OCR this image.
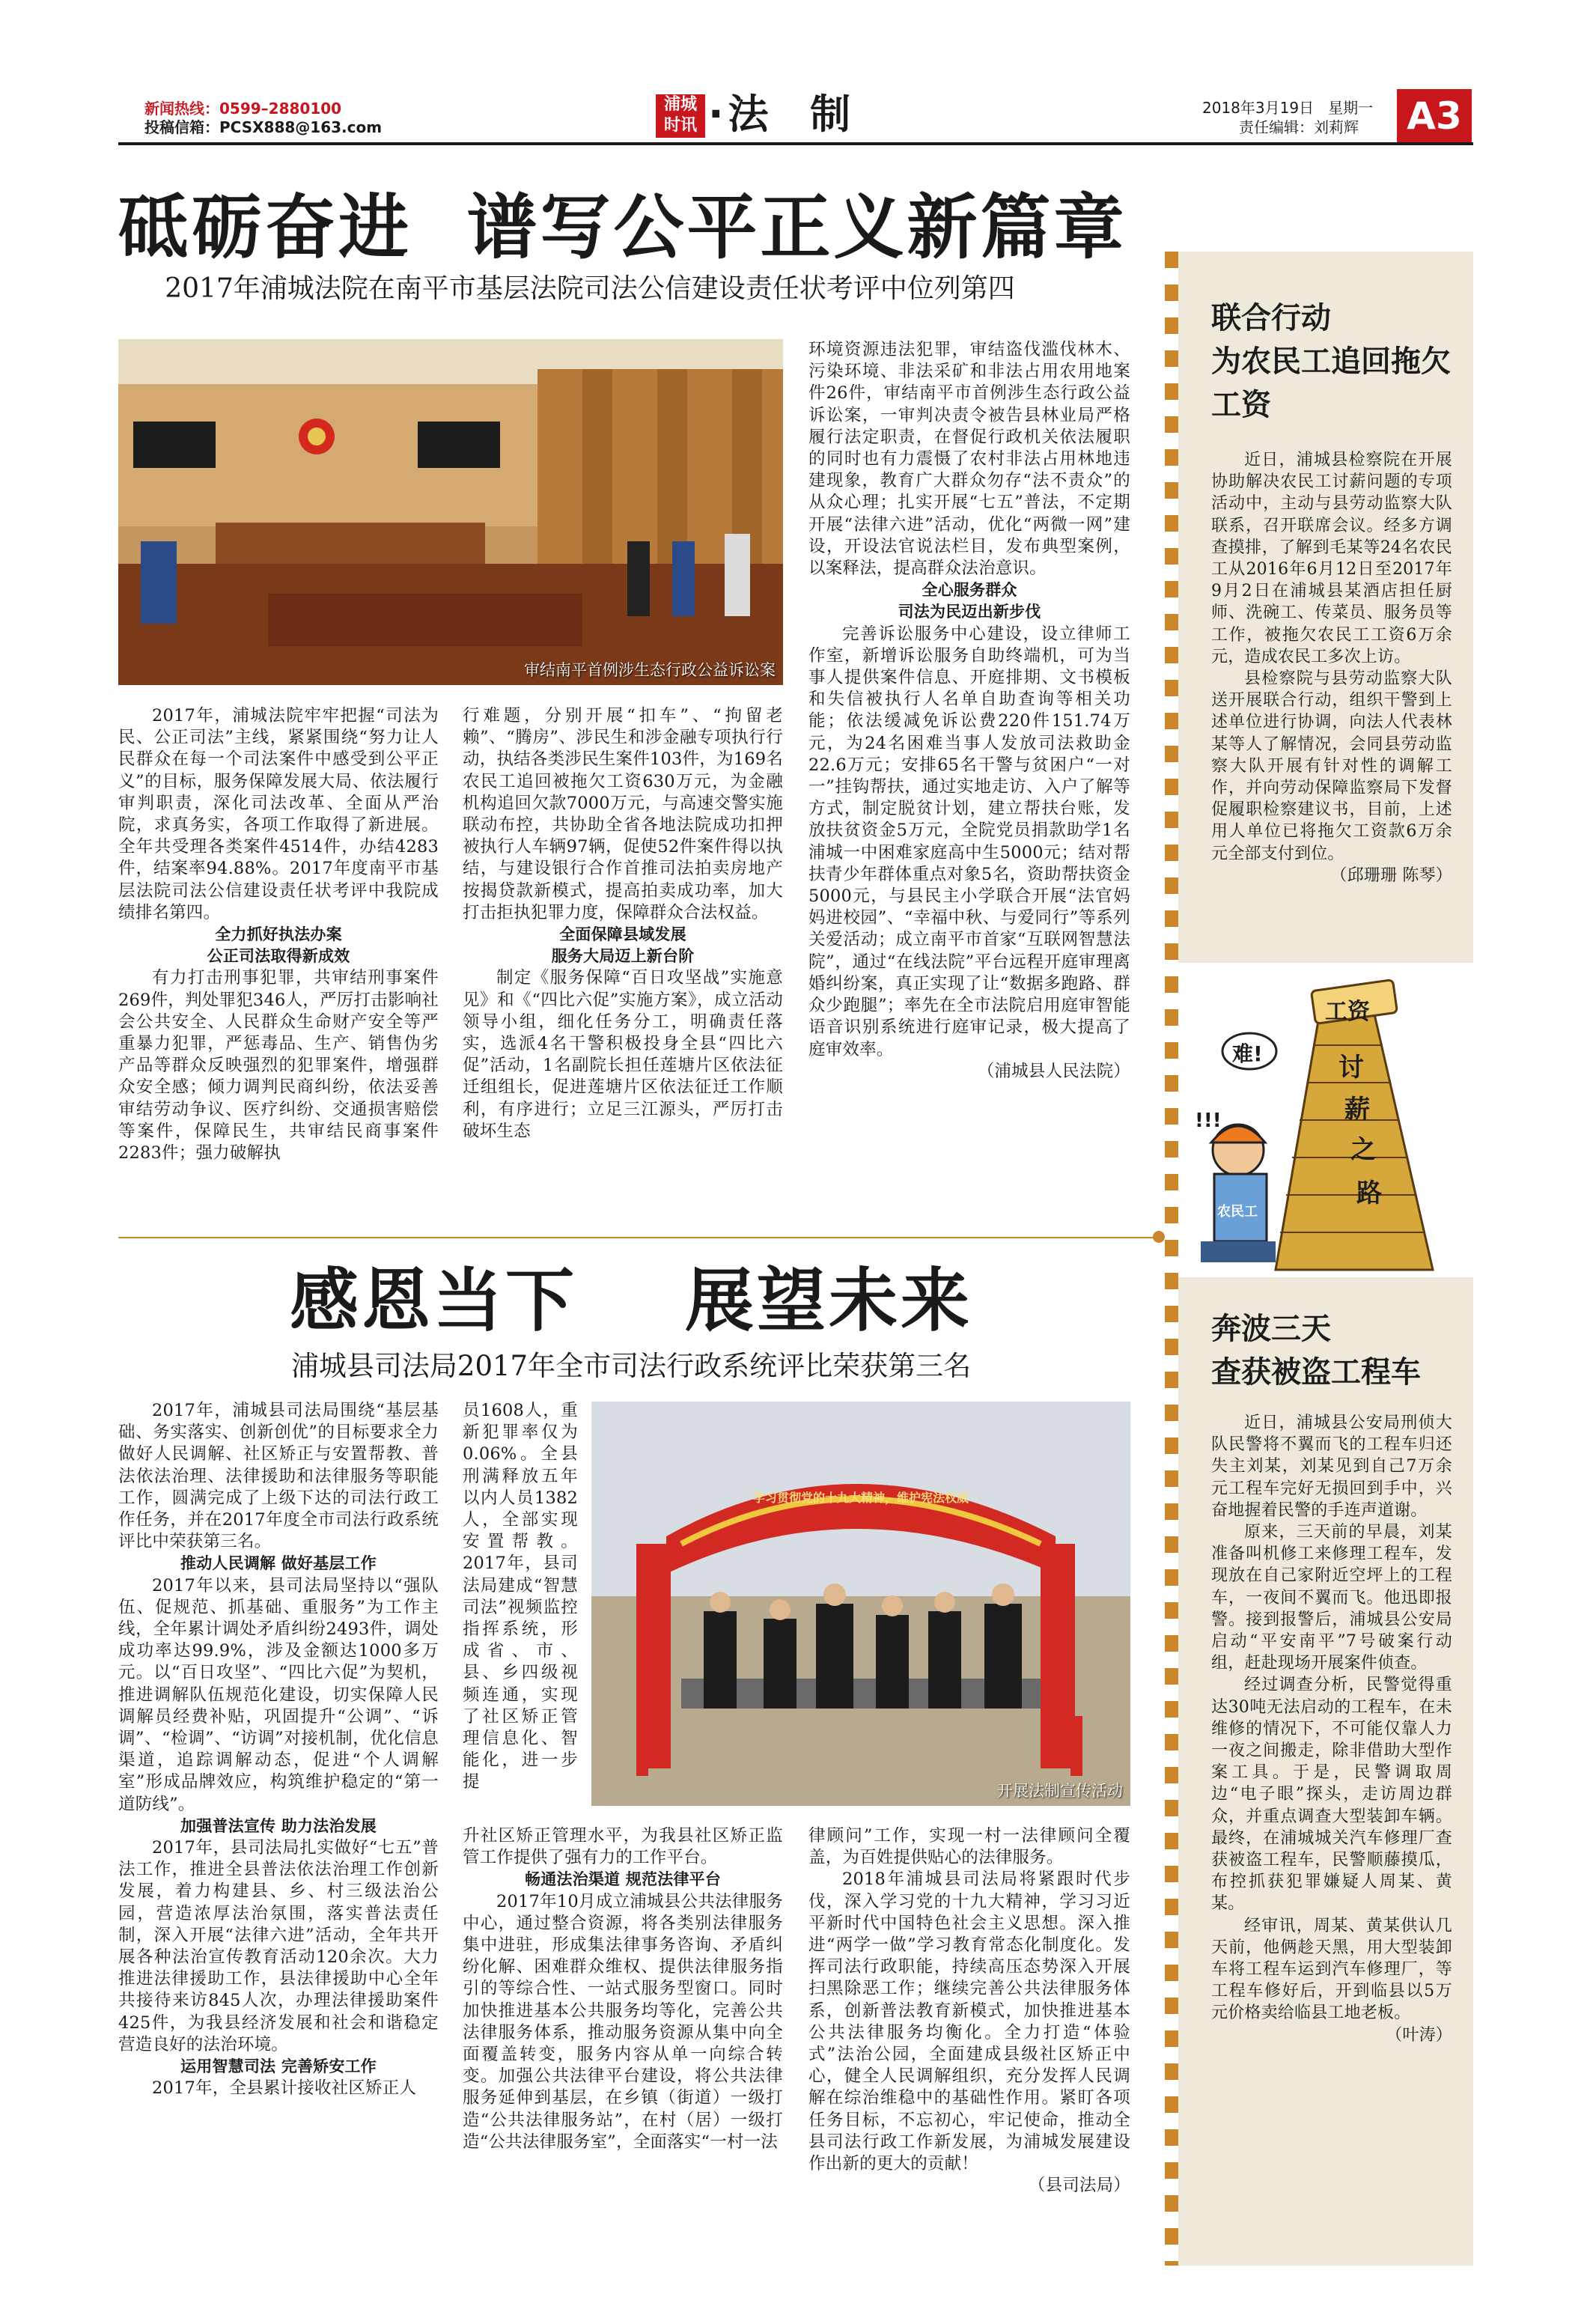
新闻热线：0599–2880100
投稿信箱：PCSX888@163.com
浦城
时讯 ·法  制	2018年3月19日   星期一
责任编辑：刘莉辉 A3
砥砺奋进  谱写公平正义新篇章
2017年浦城法院在南平市基层法院司法公信建设责任状考评中位列第四
审结南平首例涉生态行政公益诉讼案

2017年，浦城法院牢牢把握“司法为民、公正司法”主线，紧紧围绕“努力让人民群众在每一个司法案件中感受到公平正义”的目标，服务保障发展大局、依法履行审判职责，深化司法改革、全面从严治院，求真务实，各项工作取得了新进展。全年共受理各类案件4514件，办结4283件，结案率94.88%。2017年度南平市基层法院司法公信建设责任状考评中我院成绩排名第四。

全力抓好执法办案

公正司法取得新成效

有力打击刑事犯罪，共审结刑事案件269件，判处罪犯346人，严厉打击影响社会公共安全、人民群众生命财产安全等严重暴力犯罪，严惩毒品、生产、销售伪劣产品等群众反映强烈的犯罪案件，增强群众安全感；倾力调判民商纠纷，依法妥善审结劳动争议、医疗纠纷、交通损害赔偿等案件，保障民生，共审结民商事案件2283件；强力破解执

行难题，分别开展“扣车”、“拘留老赖”、“腾房”、涉民生和涉金融专项执行行动，执结各类涉民生案件103件，为169名农民工追回被拖欠工资630万元，为金融机构追回欠款7000万元，与高速交警实施联动布控，共协助全省各地法院成功扣押被执行人车辆97辆，促使52件案件得以执结，与建设银行合作首推司法拍卖房地产按揭贷款新模式，提高拍卖成功率，加大打击拒执犯罪力度，保障群众合法权益。

全面保障县域发展

服务大局迈上新台阶

制定《服务保障“百日攻坚战”实施意见》和《“四比六促”实施方案》，成立活动领导小组，细化任务分工，明确责任落实，选派4名干警积极投身全县“四比六促”活动，1名副院长担任莲塘片区依法征迁组组长，促进莲塘片区依法征迁工作顺利，有序进行；立足三江源头，严厉打击破坏生态

环境资源违法犯罪，审结盗伐滥伐林木、污染环境、非法采矿和非法占用农用地案件26件，审结南平市首例涉生态行政公益诉讼案，一审判决责令被告县林业局严格履行法定职责，在督促行政机关依法履职的同时也有力震慑了农村非法占用林地违建现象，教育广大群众勿存“法不责众”的从众心理；扎实开展“七五”普法，不定期开展“法律六进”活动，优化“两微一网”建设，开设法官说法栏目，发布典型案例，以案释法，提高群众法治意识。

全心服务群众

司法为民迈出新步伐

完善诉讼服务中心建设，设立律师工作室，新增诉讼服务自助终端机，可为当事人提供案件信息、开庭排期、文书模板和失信被执行人名单自助查询等相关功能；依法缓减免诉讼费220件151.74万元，为24名困难当事人发放司法救助金22.6万元；安排65名干警与贫困户“一对一”挂钩帮扶，通过实地走访、入户了解等方式，制定脱贫计划，建立帮扶台账，发放扶贫资金5万元，全院党员捐款助学1名浦城一中困难家庭高中生5000元；结对帮扶青少年群体重点对象5名，资助帮扶资金5000元，与县民主小学联合开展“法官妈妈进校园”、“幸福中秋、与爱同行”等系列关爱活动；成立南平市首家“互联网智慧法院”，通过“在线法院”平台远程开庭审理离婚纠纷案，真正实现了让“数据多跑路、群众少跑腿”；率先在全市法院启用庭审智能语音识别系统进行庭审记录，极大提高了庭审效率。

（浦城县人民法院）

感恩当下    展望未来
浦城县司法局2017年全市司法行政系统评比荣获第三名

2017年，浦城县司法局围绕“基层基础、务实落实、创新创优”的目标要求全力做好人民调解、社区矫正与安置帮教、普法依法治理、法律援助和法律服务等职能工作，圆满完成了上级下达的司法行政工作任务，并在2017年度全市司法行政系统评比中荣获第三名。

推动人民调解 做好基层工作

2017年以来，县司法局坚持以“强队伍、促规范、抓基础、重服务”为工作主线，全年累计调处矛盾纠纷2493件，调处成功率达99.9%，涉及金额达1000多万元。以“百日攻坚”、“四比六促”为契机，推进调解队伍规范化建设，切实保障人民调解员经费补贴，巩固提升“公调”、“诉调”、“检调”、“访调”对接机制，优化信息渠道，追踪调解动态，促进“个人调解室”形成品牌效应，构筑维护稳定的“第一道防线”。

加强普法宣传 助力法治发展

2017年，县司法局扎实做好“七五”普法工作，推进全县普法依法治理工作创新发展，着力构建县、乡、村三级法治公园，营造浓厚法治氛围，落实普法责任制，深入开展“法律六进”活动，全年共开展各种法治宣传教育活动120余次。大力推进法律援助工作，县法律援助中心全年共接待来访845人次，办理法律援助案件425件，为我县经济发展和社会和谐稳定营造良好的法治环境。

运用智慧司法 完善矫安工作

2017年，全县累计接收社区矫正人

员1608人，重新犯罪率仅为0.06%。全县刑满释放五年以内人员1382人，全部实现安置帮教。2017年，县司法局建成“智慧司法”视频监控指挥系统，形成省、市、县、乡四级视频连通，实现了社区矫正管理信息化、智能化，进一步提

学习贯彻党的十九大精神，维护宪法权威
开展法制宣传活动

升社区矫正管理水平，为我县社区矫正监管工作提供了强有力的工作平台。

畅通法治渠道 规范法律平台

2017年10月成立浦城县公共法律服务中心，通过整合资源，将各类别法律服务集中进驻，形成集法律事务咨询、矛盾纠纷化解、困难群众维权、提供法律服务指引的等综合性、一站式服务型窗口。同时加快推进基本公共服务均等化，完善公共法律服务体系，推动服务资源从集中向全面覆盖转变，服务内容从单一向综合转变。加强公共法律平台建设，将公共法律服务延伸到基层，在乡镇（街道）一级打造“公共法律服务站”，在村（居）一级打造“公共法律服务室”，全面落实“一村一法

律顾问”工作，实现一村一法律顾问全覆盖，为百姓提供贴心的法律服务。

2018年浦城县司法局将紧跟时代步伐，深入学习党的十九大精神，学习习近平新时代中国特色社会主义思想。深入推进“两学一做”学习教育常态化制度化。发挥司法行政职能，持续高压态势深入开展扫黑除恶工作；继续完善公共法律服务体系，创新普法教育新模式，加快推进基本公共法律服务均衡化。全力打造“体验式”法治公园，全面建成县级社区矫正中心，健全人民调解组织，充分发挥人民调解在综治维稳中的基础性作用。紧盯各项任务目标，不忘初心，牢记使命，推动全县司法行政工作新发展，为浦城发展建设作出新的更大的贡献！

（县司法局）

联合行动
为农民工追回拖欠工资

近日，浦城县检察院在开展协助解决农民工讨薪问题的专项活动中，主动与县劳动监察大队联系，召开联席会议。经多方调查摸排，了解到毛某等24名农民工从2016年6月12日至2017年9月2日在浦城县某酒店担任厨师、洗碗工、传菜员、服务员等工作，被拖欠农民工工资6万余元，造成农民工多次上访。

县检察院与县劳动监察大队送开展联合行动，组织干警到上述单位进行协调，向法人代表林某等人了解情况，会同县劳动监察大队开展有针对性的调解工作，并向劳动保障监察局下发督促履职检察建议书，目前，上述用人单位已将拖欠工资款6万余元全部支付到位。

（邱珊珊 陈琴）

工资
讨
薪
之
路
难!
!!!
农民工
奔波三天
查获被盗工程车

近日，浦城县公安局刑侦大队民警将不翼而飞的工程车归还失主刘某，刘某见到自己7万余元工程车完好无损回到手中，兴奋地握着民警的手连声道谢。

原来，三天前的早晨，刘某准备叫机修工来修理工程车，发现放在自己家附近空坪上的工程车，一夜间不翼而飞。他迅即报警。接到报警后，浦城县公安局启动“平安南平”7号破案行动组，赶赴现场开展案件侦查。

经过调查分析，民警觉得重达30吨无法启动的工程车，在未维修的情况下，不可能仅靠人力一夜之间搬走，除非借助大型作案工具。于是，民警调取周边“电子眼”探头，走访周边群众，并重点调查大型装卸车辆。最终，在浦城城关汽车修理厂查获被盗工程车，民警顺藤摸瓜，布控抓获犯罪嫌疑人周某、黄某。

经审讯，周某、黄某供认几天前，他俩趁天黑，用大型装卸车将工程车运到汽车修理厂，等工程车修好后，开到临县以5万元价格卖给临县工地老板。

（叶涛）
